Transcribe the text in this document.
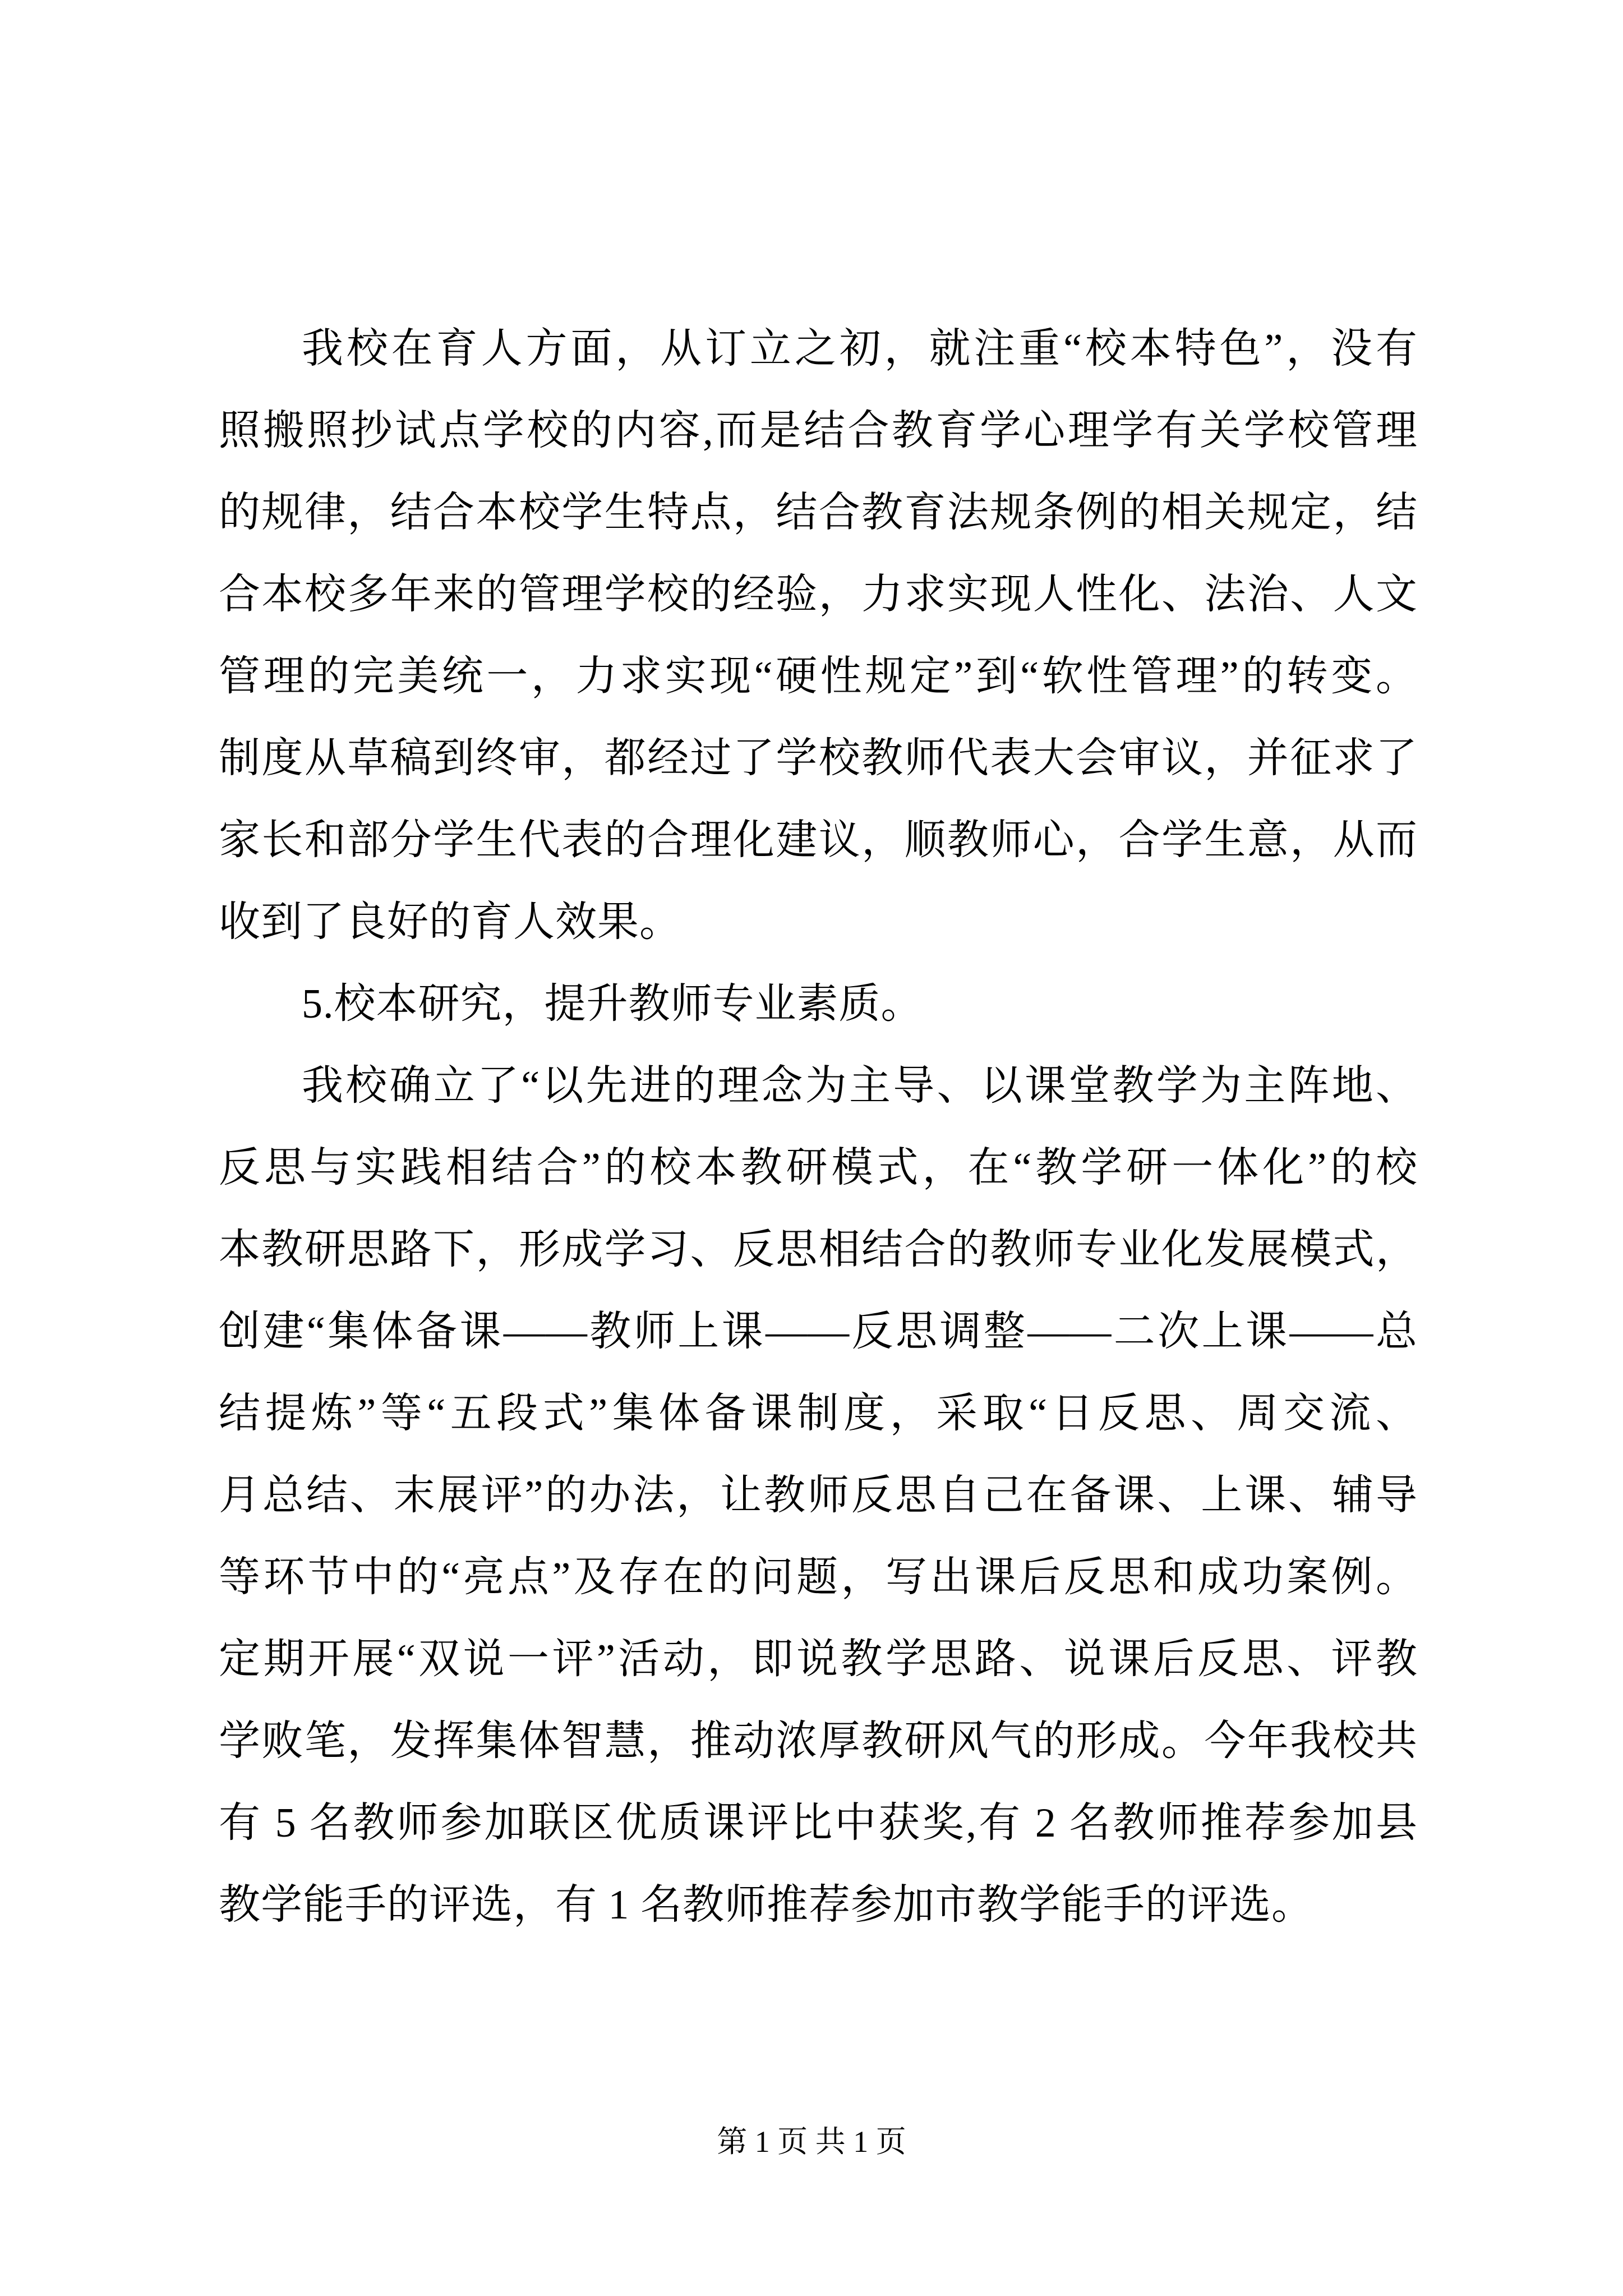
我校在育人方面，从订立之初，就注重“校本特色”，没有
照搬照抄试点学校的内容,而是结合教育学心理学有关学校管理
的规律，结合本校学生特点，结合教育法规条例的相关规定，结
合本校多年来的管理学校的经验，力求实现人性化、法治、人文
管理的完美统一，力求实现“硬性规定”到“软性管理”的转变。
制度从草稿到终审，都经过了学校教师代表大会审议，并征求了
家长和部分学生代表的合理化建议，顺教师心，合学生意，从而
收到了良好的育人效果。
5.校本研究，提升教师专业素质。
我校确立了“以先进的理念为主导、以课堂教学为主阵地、
反思与实践相结合”的校本教研模式，在“教学研一体化”的校
本教研思路下，形成学习、反思相结合的教师专业化发展模式，
创建“集体备课——教师上课——反思调整——二次上课——总
结提炼”等“五段式”集体备课制度，采取“日反思、周交流、
月总结、末展评”的办法，让教师反思自己在备课、上课、辅导
等环节中的“亮点”及存在的问题，写出课后反思和成功案例。
定期开展“双说一评”活动，即说教学思路、说课后反思、评教
学败笔，发挥集体智慧，推动浓厚教研风气的形成。今年我校共
有 5 名教师参加联区优质课评比中获奖,有 2 名教师推荐参加县
教学能手的评选，有 1 名教师推荐参加市教学能手的评选。
第 1 页 共 1 页
